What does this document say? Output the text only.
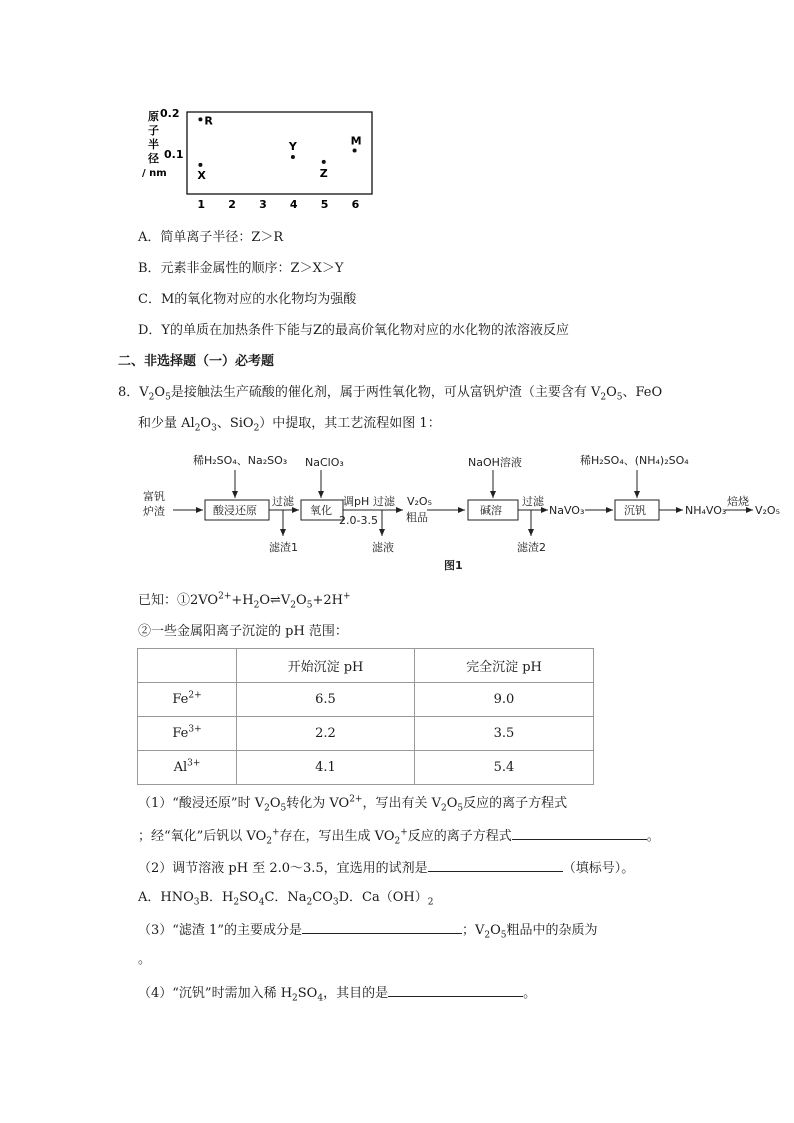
0.2
0.1
原
子
半
径
/ nm
1 2 3 4 5 6
R
X
Y
Z
M
A．简单离子半径：Z＞R
B．元素非金属性的顺序：Z＞X＞Y
C．M的氧化物对应的水化物均为强酸
D．Y的单质在加热条件下能与Z的最高价氧化物对应的水化物的浓溶液反应
二、非选择题（一）必考题
8．$V_2O_5$是接触法生产硫酸的催化剂，属于两性氧化物，可从富钒炉渣（主要含有 $V_2O_5$、FeO
和少量 $Al_2O_3$、SiO$_2$）中提取，其工艺流程如图 1：
富钒
炉渣
稀H₂SO₄、Na₂SO₃ NaClO₃	NaOH溶液	稀H₂SO₄、(NH₄)₂SO₄
酸浸还原	氧化	碱溶	沉钒
过滤	调pH
2.0-3.5
过滤 V₂O₅
粗品
过滤
NaVO₃	NH₄VO₃
焙烧
V₂O₅
滤渣1	滤液	滤渣2
图1
已知：$①2VO^{2+}+H_2O\rightleftharpoons V_2O_5+2H^+$
②一些金属阳离子沉淀的 pH 范围：
	开始沉淀 pH	完全沉淀 pH
$Fe^{2+}$	6.5	9.0
$Fe^{3+}$	2.2	3.5
$Al^{3+}$	4.1	5.4
（1）“酸浸还原”时 $V_2O_5$转化为 $VO^{2+}$，写出有关 $V_2O_5$反应的离子方程式
；经“氧化”后钒以 $VO_2^+$存在，写出生成 $VO_2^+$反应的离子方程式	。
（2）调节溶液 pH 至 2.0～3.5，宜选用的试剂是	（填标号）。
A．$HNO_3B$．$H_2SO_4C$．$Na_2CO_3D$．$Ca(OH)_2$
（3）“滤渣 1”的主要成分是	；$V_2O_5$粗品中的杂质为
。
（4）“沉钒”时需加入稀 $H_2SO_4$，其目的是	。
